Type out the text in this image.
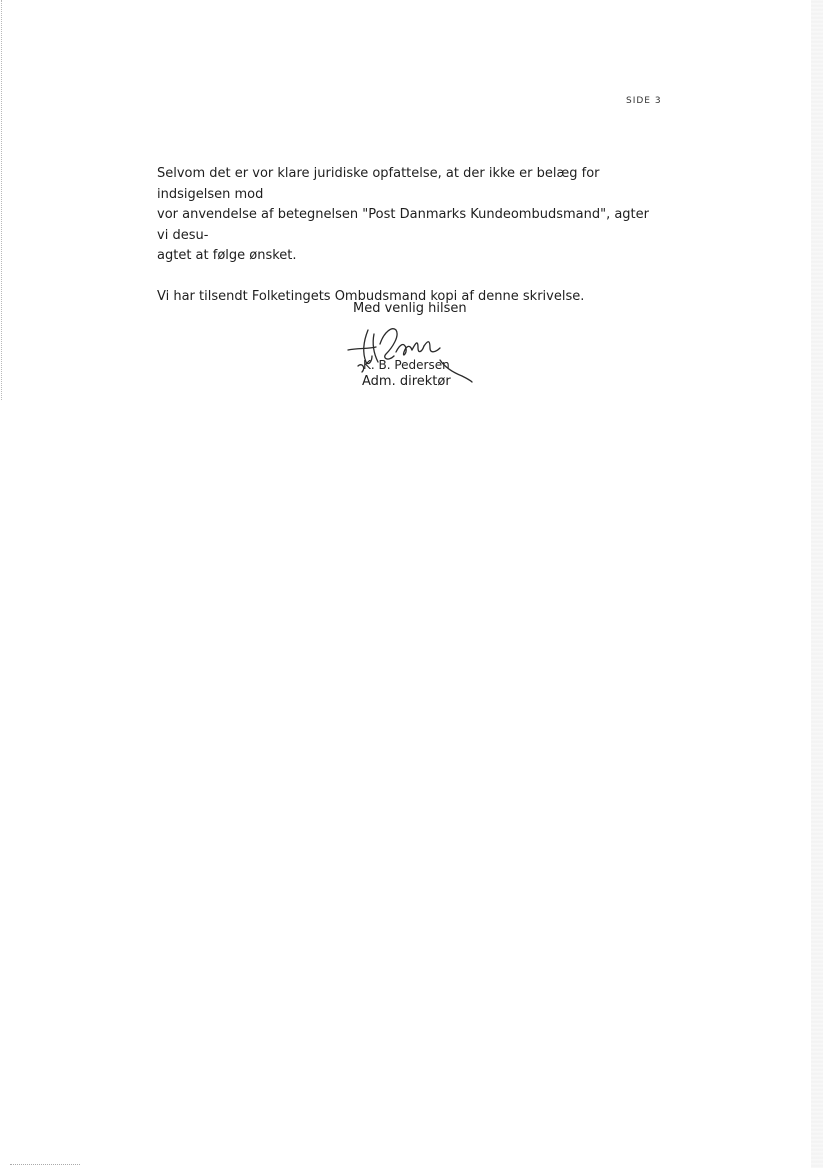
SIDE 3

Selvom det er vor klare juridiske opfattelse, at der ikke er belæg for indsigelsen mod
vor anvendelse af betegnelsen "Post Danmarks Kundeombudsmand", agter vi desu-
agtet at følge ønsket.

Vi har tilsendt Folketingets Ombudsmand kopi af denne skrivelse.

Med venlig hilsen
K. B. Pedersen
Adm. direktør
